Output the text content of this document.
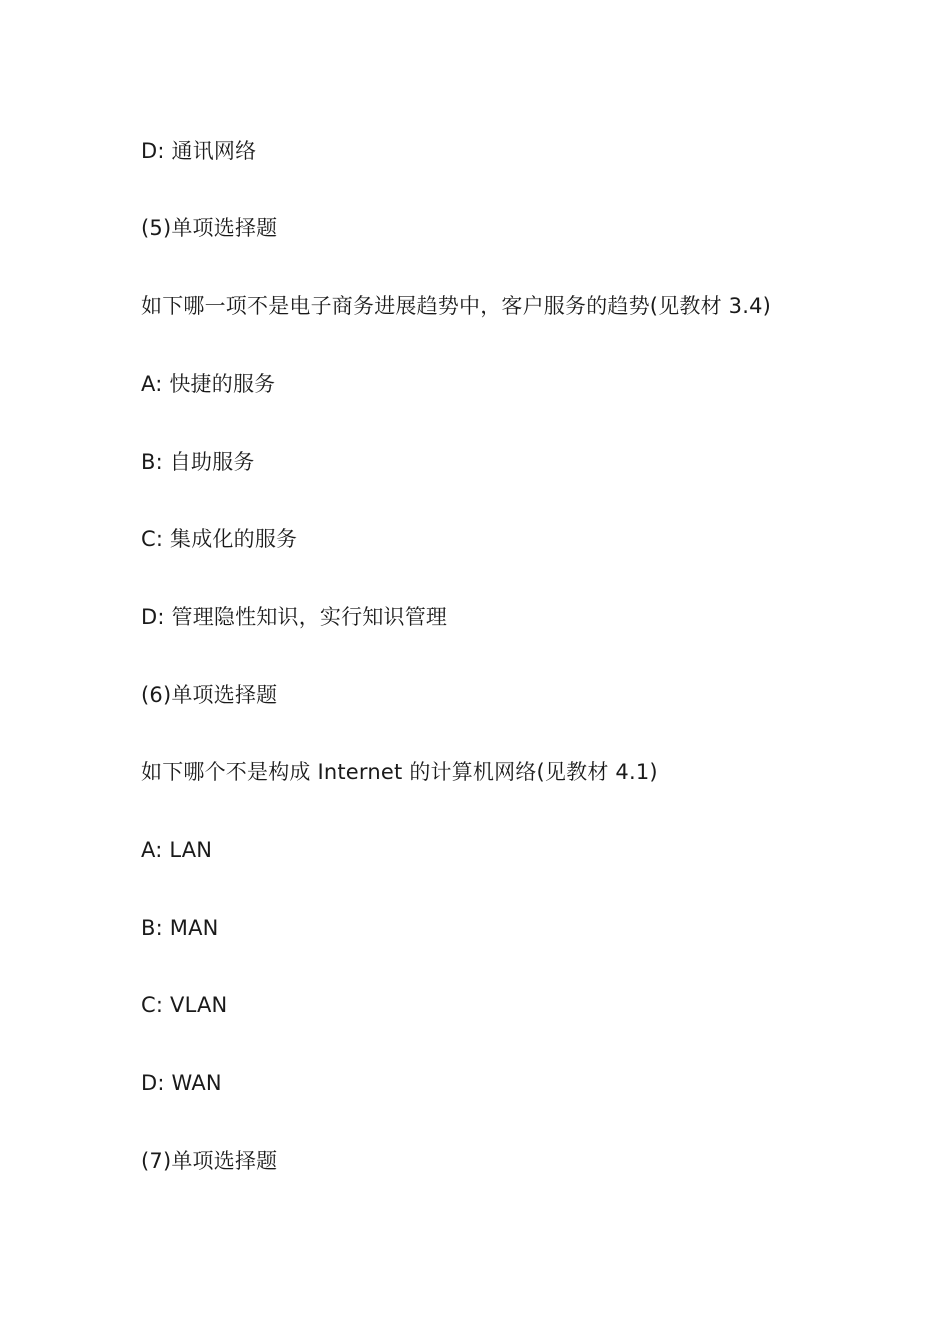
D: 通讯网络
(5)单项选择题
如下哪一项不是电子商务进展趋势中，客户服务的趋势(见教材 3.4)
A: 快捷的服务
B: 自助服务
C: 集成化的服务
D: 管理隐性知识，实行知识管理
(6)单项选择题
如下哪个不是构成 Internet 的计算机网络(见教材 4.1)
A: LAN
B: MAN
C: VLAN
D: WAN
(7)单项选择题
